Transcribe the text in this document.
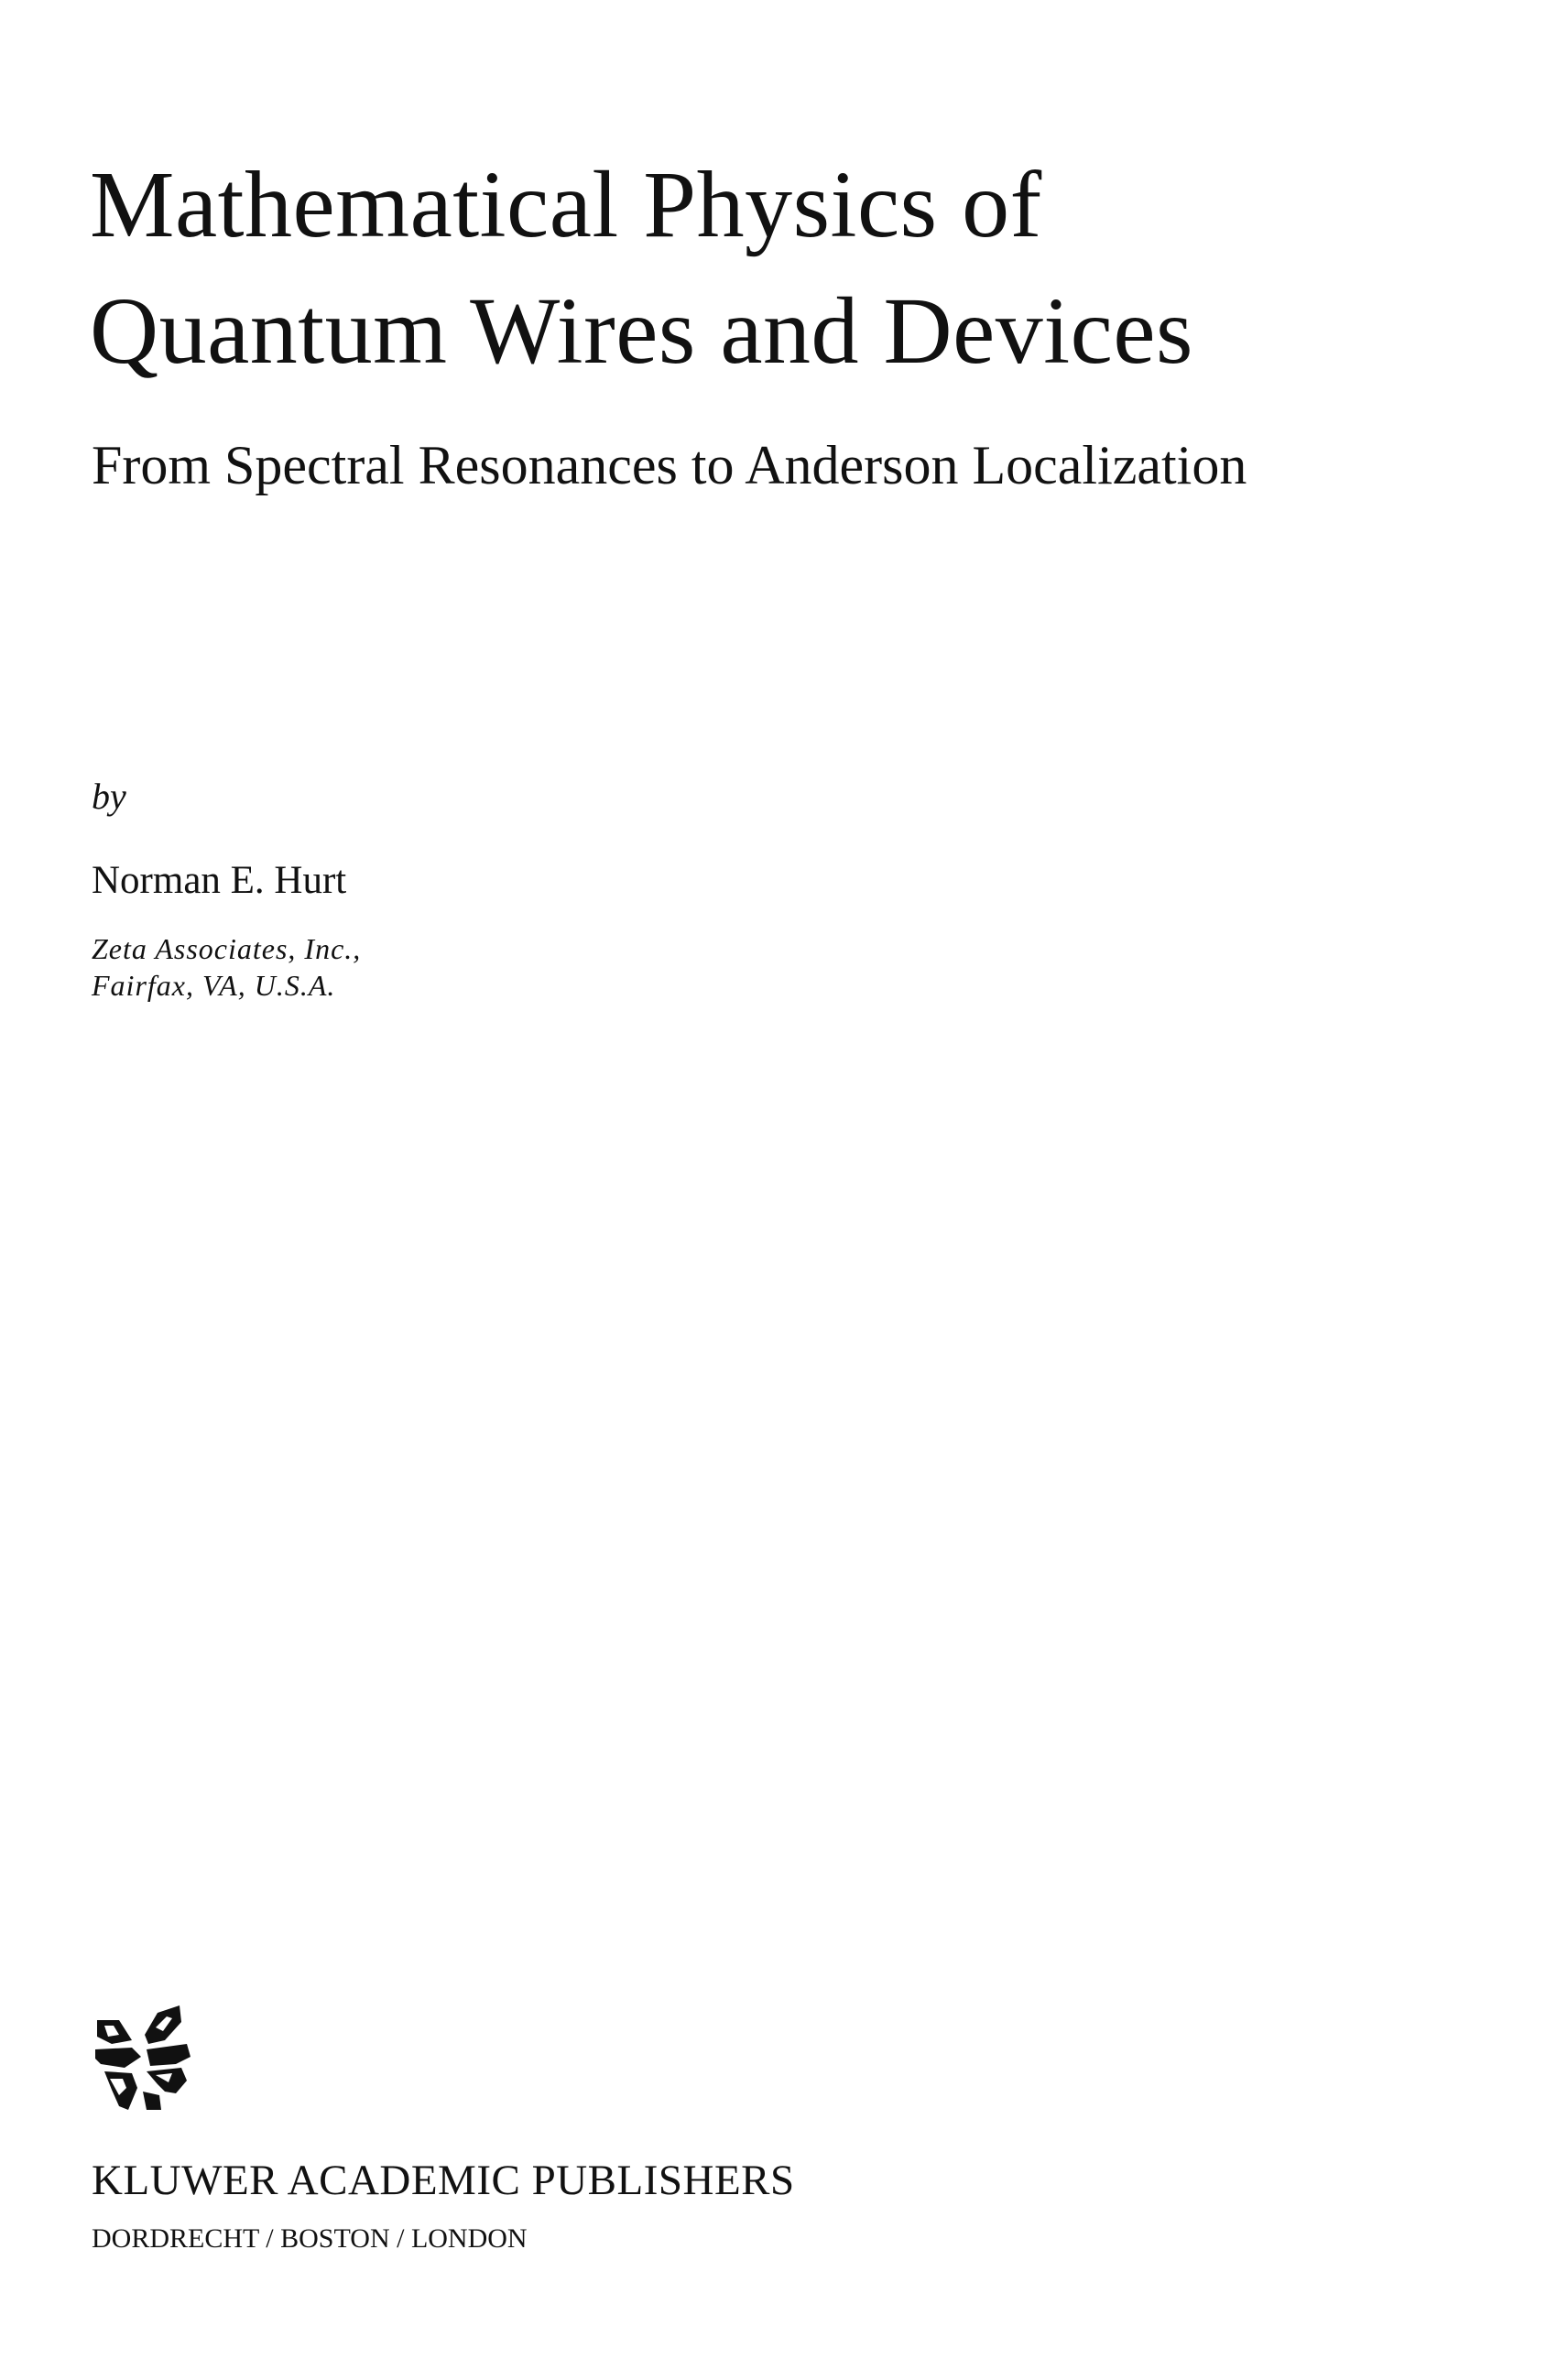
Mathematical Physics of
Quantum Wires and Devices
From Spectral Resonances to Anderson Localization
by
Norman E. Hurt
Zeta Associates, Inc.,
Fairfax, VA, U.S.A.
KLUWER ACADEMIC PUBLISHERS
DORDRECHT / BOSTON / LONDON
